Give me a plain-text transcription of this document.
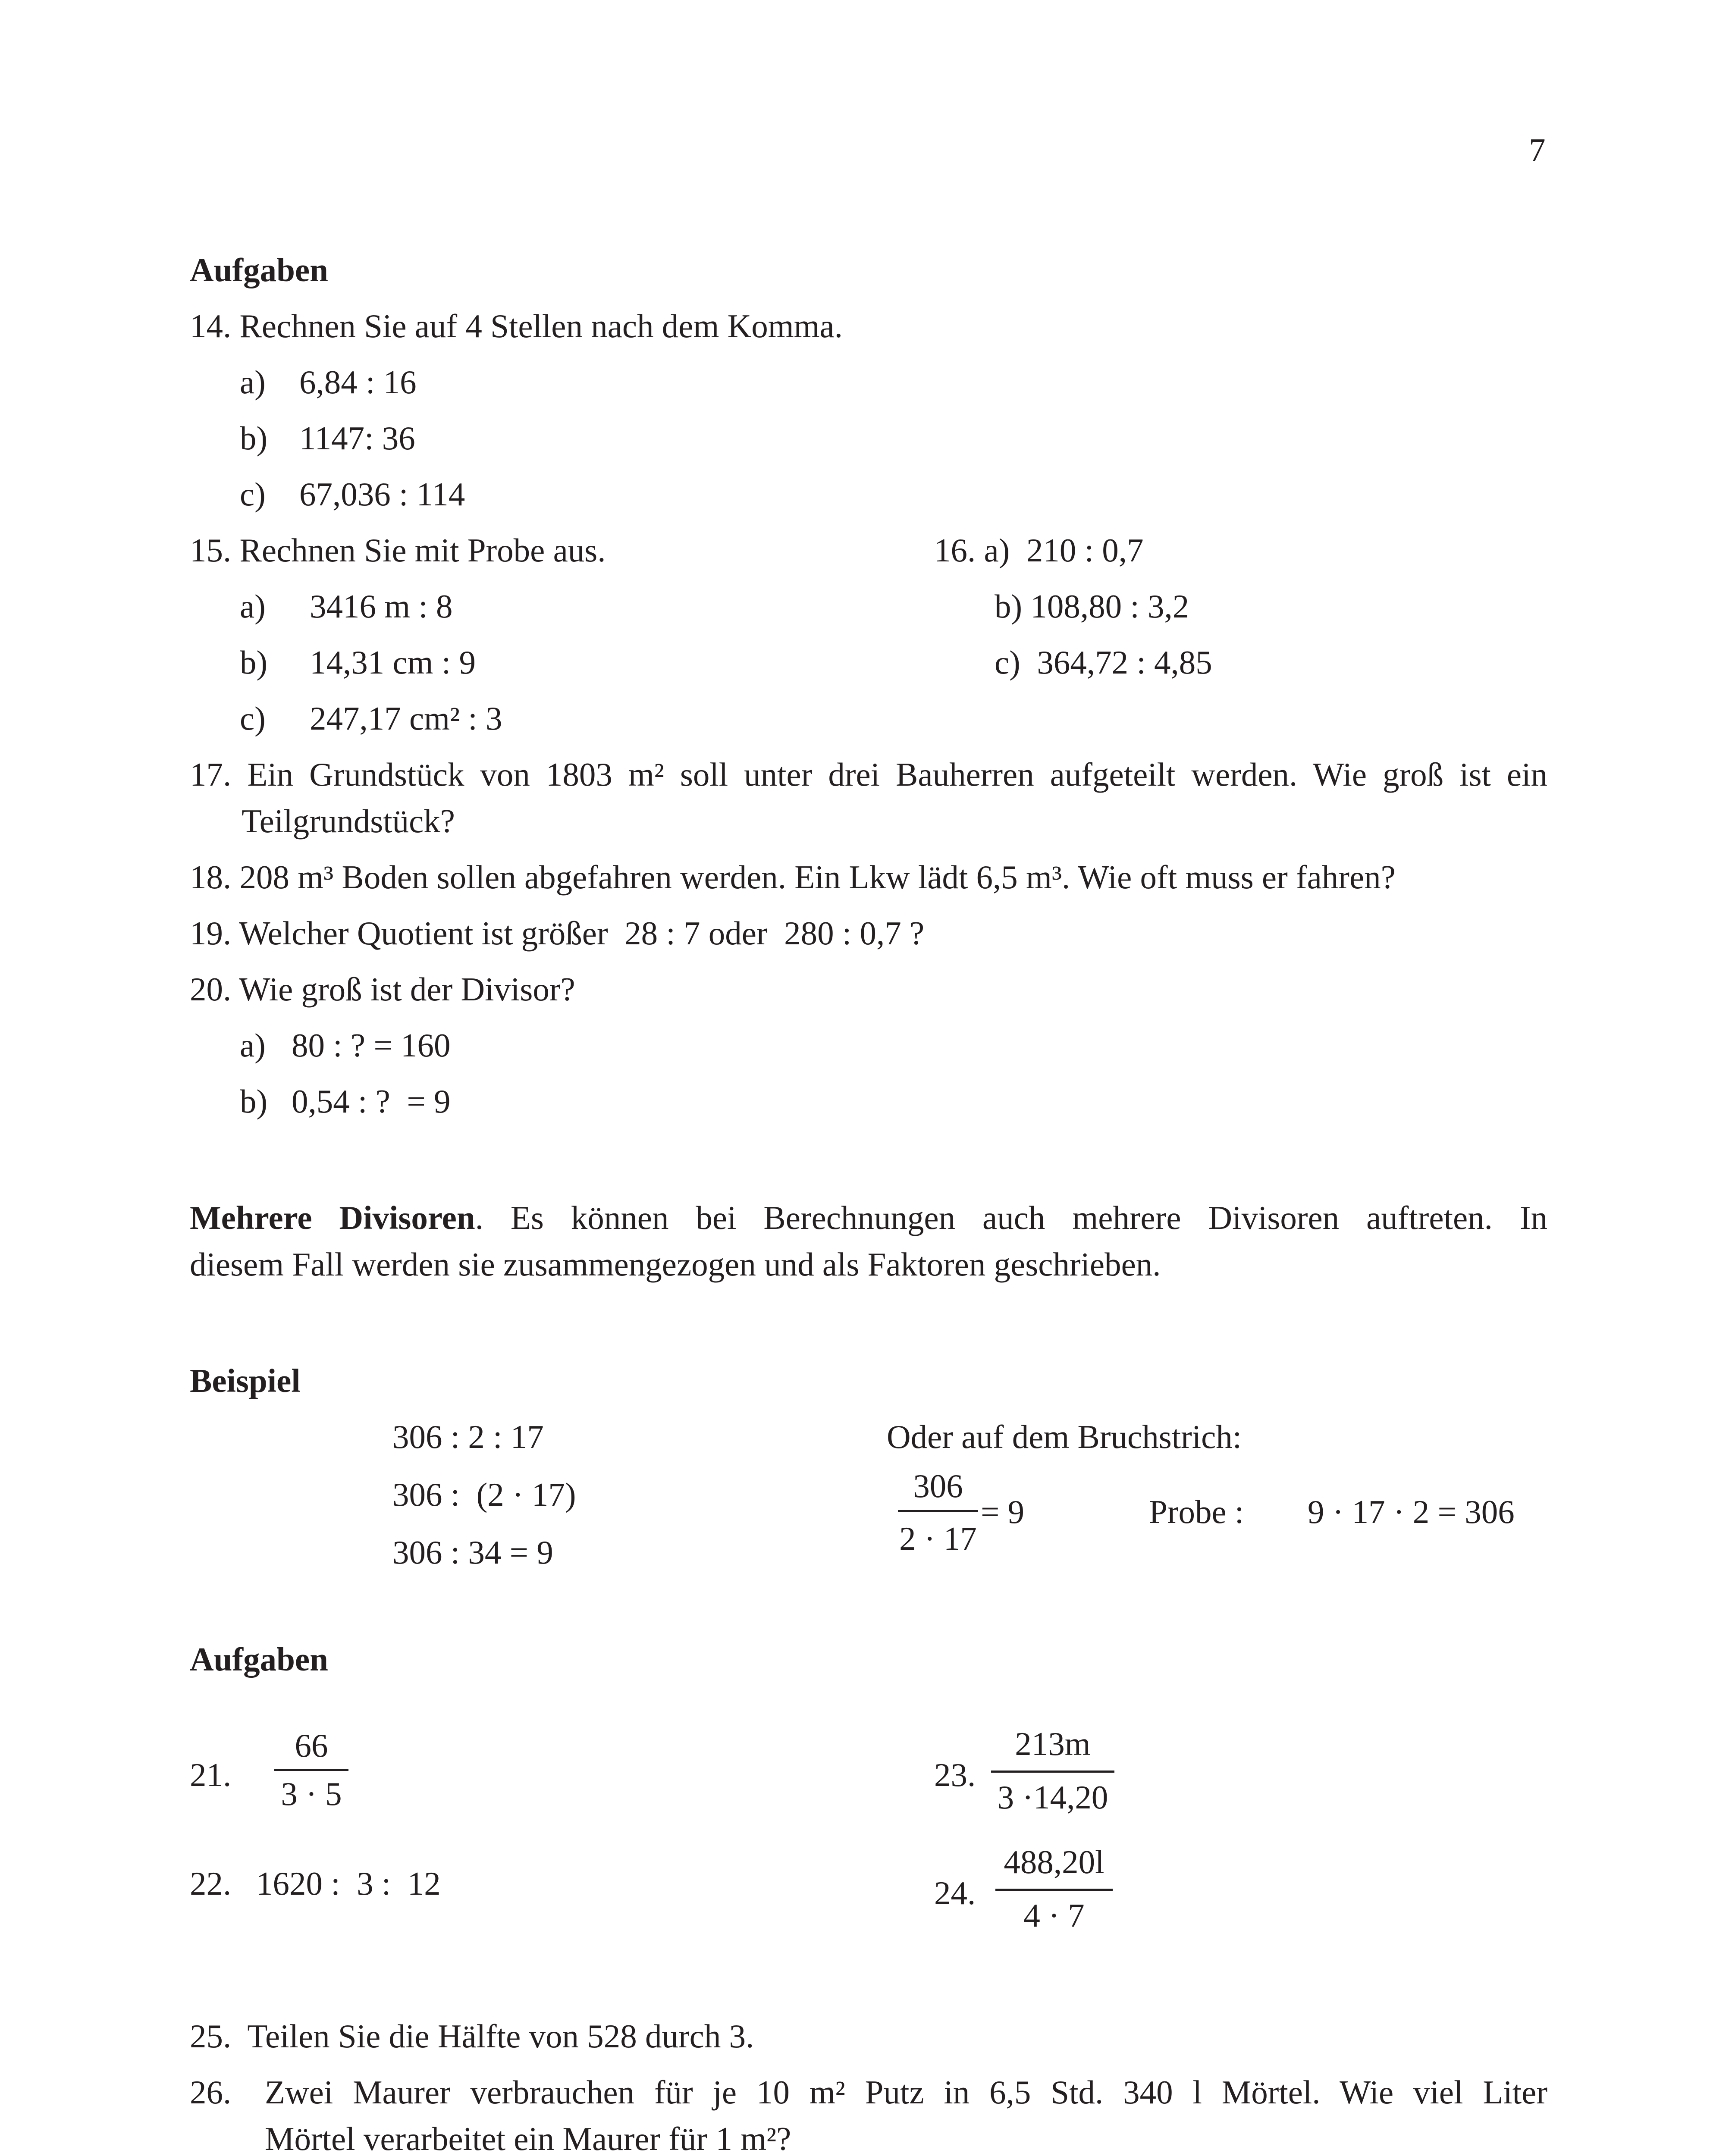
7
Aufgaben
14. Rechnen Sie auf 4 Stellen nach dem Komma.
a) 6,84 : 16
b) 1147: 36
c) 67,036 : 114
15. Rechnen Sie mit Probe aus.
a) 3416 m : 8
b) 14,31 cm : 9
c) 247,17 cm² : 3
16. a)  210 : 0,7
b) 108,80 : 3,2
c)  364,72 : 4,85
17. Ein Grundstück von 1803 m² soll unter drei Bauherren aufgeteilt werden. Wie groß ist ein
Teilgrundstück?
18. 208 m³ Boden sollen abgefahren werden. Ein Lkw lädt 6,5 m³. Wie oft muss er fahren?
19. Welcher Quotient ist größer  28 : 7 oder  280 : 0,7 ?
20. Wie groß ist der Divisor?
a) 80 : ? = 160
b) 0,54 : ?  = 9
Mehrere Divisoren. Es können bei Berechnungen auch mehrere Divisoren auftreten. In
diesem Fall werden sie zusammengezogen und als Faktoren geschrieben.
Beispiel
306 : 2 : 17
306 :  (2 · 17)
306 : 34 = 9
Oder auf dem Bruchstrich:
306
2 · 17
= 9	Probe : 9 · 17 · 2 = 306
Aufgaben
21.
66
3 · 5
22.   1620 :  3 :  12
23.
213m
3 ·14,20
24.
488,20l
4 · 7
25.  Teilen Sie die Hälfte von 528 durch 3.
26. Zwei Maurer verbrauchen für je 10 m² Putz in 6,5 Std. 340 l Mörtel. Wie viel Liter
Mörtel verarbeitet ein Maurer für 1 m²?
